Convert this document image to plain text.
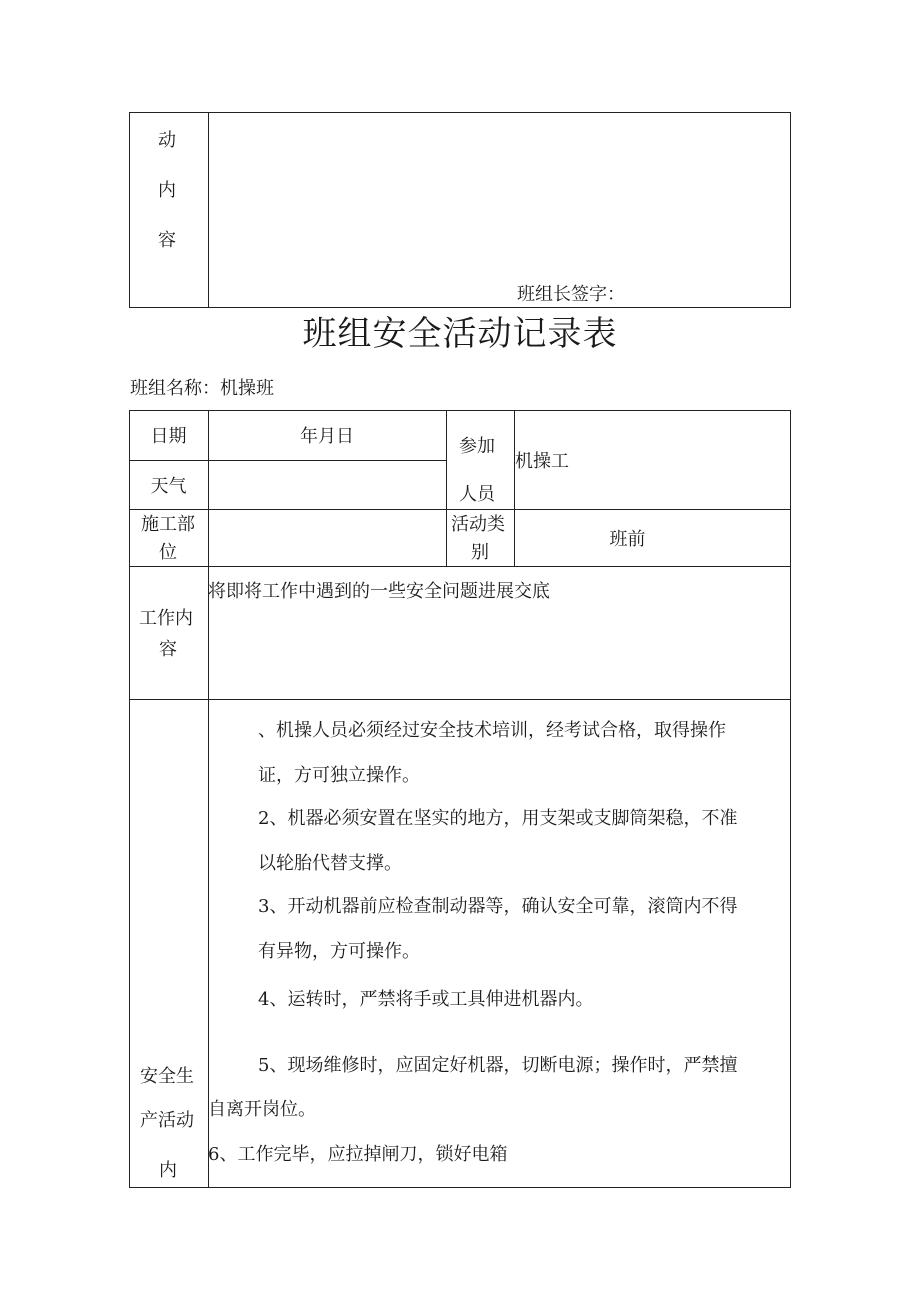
动
内
容
班组长签字：
班组安全活动记录表
班组名称：机操班
日期	年月日
天气
参加
人员
机操工
施工部
位
活动类
别
班前
工作内
容
将即将工作中遇到的一些安全问题进展交底
安全生
产活动
内
、机操人员必须经过安全技术培训，经考试合格，取得操作
证，方可独立操作。
2、机器必须安置在坚实的地方，用支架或支脚筒架稳，不准
以轮胎代替支撑。
3、开动机器前应检查制动器等，确认安全可靠，滚筒内不得
有异物，方可操作。
4、运转时，严禁将手或工具伸进机器内。
5、现场维修时，应固定好机器，切断电源；操作时，严禁擅
自离开岗位。
6、工作完毕，应拉掉闸刀，锁好电箱
